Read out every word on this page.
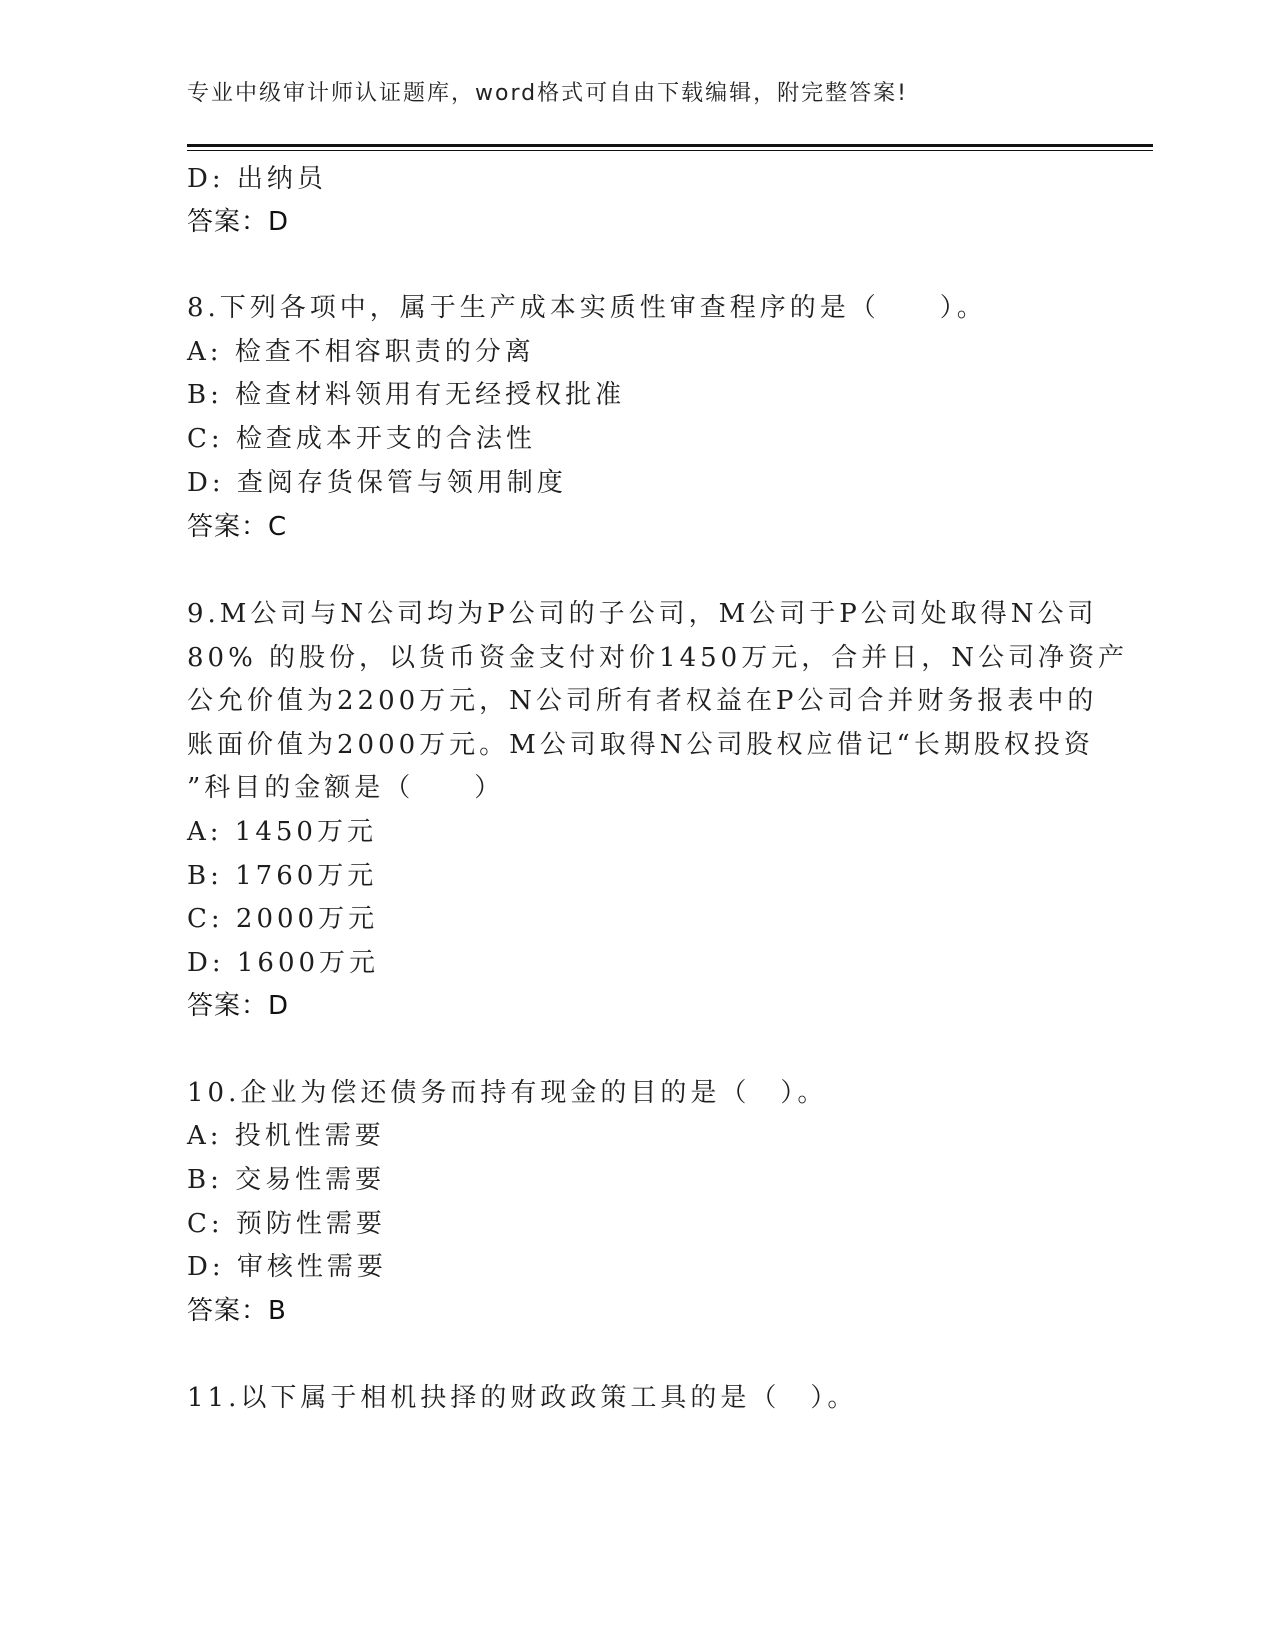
专业中级审计师认证题库，word格式可自由下载编辑，附完整答案!
D: 出纳员
答案：D
8.下列各项中，属于生产成本实质性审查程序的是（　　）。
A: 检查不相容职责的分离
B: 检查材料领用有无经授权批准
C: 检查成本开支的合法性
D: 查阅存货保管与领用制度
答案：C
9.M公司与N公司均为P公司的子公司，M公司于P公司处取得N公司
80% 的股份，以货币资金支付对价1450万元，合并日，N公司净资产
公允价值为2200万元，N公司所有者权益在P公司合并财务报表中的
账面价值为2000万元。M公司取得N公司股权应借记“长期股权投资
”科目的金额是（　　）
A: 1450万元
B: 1760万元
C: 2000万元
D: 1600万元
答案：D
10.企业为偿还债务而持有现金的目的是（　）。
A: 投机性需要
B: 交易性需要
C: 预防性需要
D: 审核性需要
答案：B
11.以下属于相机抉择的财政政策工具的是（　）。
